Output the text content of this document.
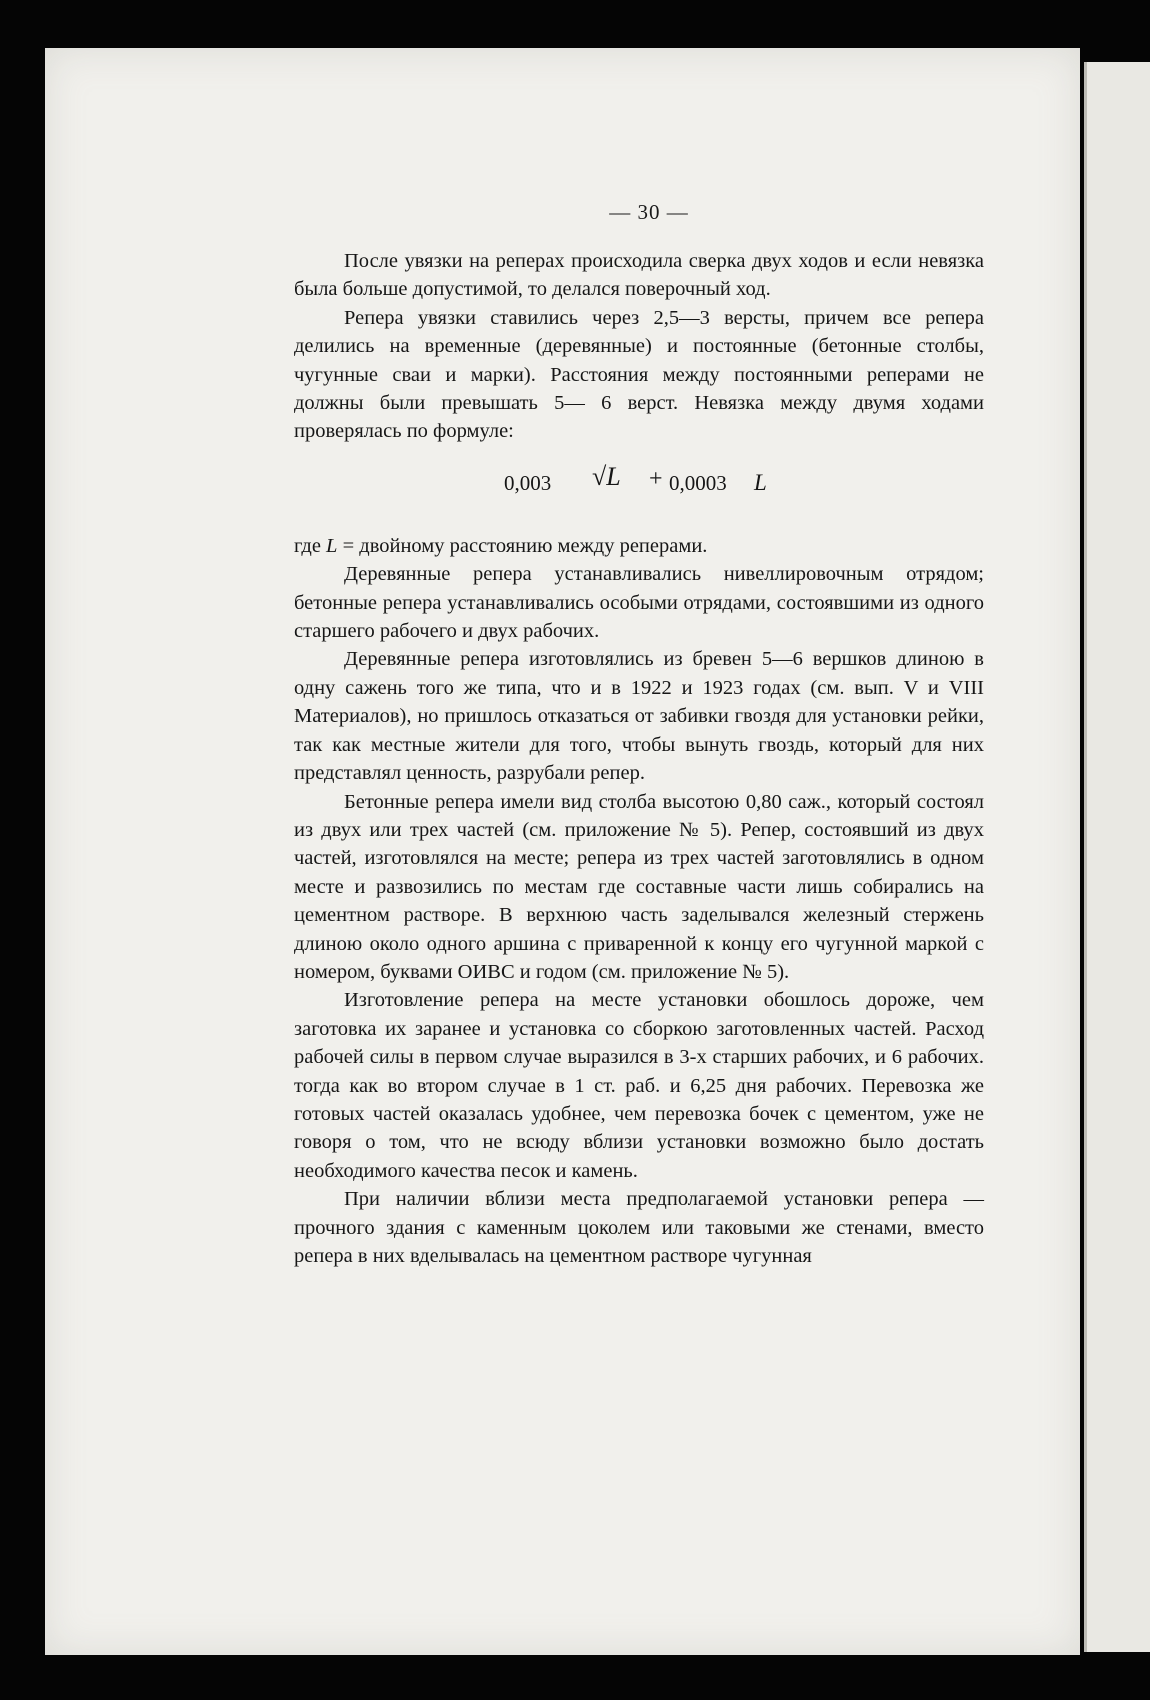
— 30 —

После увязки на реперах происходила сверка двух ходов и если невязка была больше допустимой, то делался поверочный ход.

Репера увязки ставились через 2,5—3 версты, причем все репера делились на временные (деревянные) и постоянные (бетонные столбы, чугунные сваи и марки). Расстояния между постоянными реперами не должны были превышать 5— 6 верст. Невязка между двумя ходами проверялась по формуле:

0,003 √L + 0,0003 L

где L = двойному расстоянию между реперами.

Деревянные репера устанавливались нивеллировочным отрядом; бетонные репера устанавливались особыми отрядами, состоявшими из одного старшего рабочего и двух рабочих.

Деревянные репера изготовлялись из бревен 5—6 вершков длиною в одну сажень того же типа, что и в 1922 и 1923 годах (см. вып. V и VIII Материалов), но пришлось отказаться от забивки гвоздя для установки рейки, так как местные жители для того, чтобы вынуть гвоздь, который для них представлял ценность, разрубали репер.

Бетонные репера имели вид столба высотою 0,80 саж., который состоял из двух или трех частей (см. приложение № 5). Репер, состоявший из двух частей, изготовлялся на месте; репера из трех частей заготовлялись в одном месте и развозились по местам где составные части лишь собирались на цементном растворе. В верхнюю часть заделывался железный стержень длиною около одного аршина с приваренной к концу его чугунной маркой с номером, буквами ОИВС и годом (см. приложение № 5).

Изготовление репера на месте установки обошлось дороже, чем заготовка их заранее и установка со сборкою заготовленных частей. Расход рабочей силы в первом случае выразился в 3-х старших рабочих, и 6 рабочих. тогда как во втором случае в 1 ст. раб. и 6,25 дня рабочих. Перевозка же готовых частей оказалась удобнее, чем перевозка бочек с цементом, уже не говоря о том, что не всюду вблизи установки возможно было достать необходимого качества песок и камень.

При наличии вблизи места предполагаемой установки репера — прочного здания с каменным цоколем или таковыми же стенами, вместо репера в них вделывалась на цементном растворе чугунная
